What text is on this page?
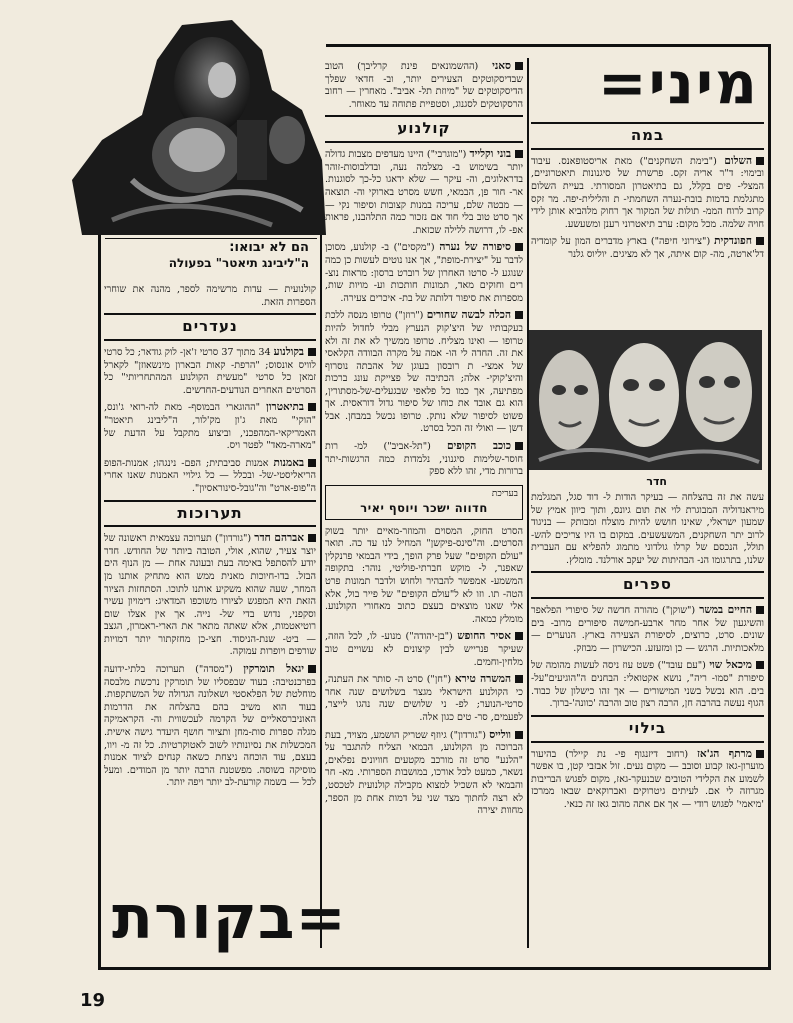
מיני=
=בקורת
19
הם לא יבואו:
ה"ליבינג תיאטר" בפעולה
חדר
במה

השלום ("בימת השחקנים") מאת אריסטופאנס. עיבוד ובימוי: ד"ר אריה זקס. פרשרת של סיגנונות תיאטרוניים, המצלי- פים בקלל, גם בתיאטרון המסורתי. בעיית השלום מתגלמת בדמות בובת-נערה השחמתי- ת והלילית-יפה. מר זקס קרוב לרוח הממ- תולות של המקור אך רחוק מלהביא אותן לידי חויה שלמה. מכל מקום: ערב תיאטרוני רענן ומשעשע.

חפונדקית ("צירוני חיפה") בארץ מדברים המון על קומדיה דל'ארטה, מה- קום איתה, אך לא מציגים. יוליוס גלנר

עשה את זה בהצלחה — בעיקר הודות ל- דוד סגל, המגלמת מיראנדוליה המבוגרת לוי את תום גיונס, ותוך כיוון אמיץ של שמעון ישראלי, שאינו חושש להיות מוצלח ומבותק — בניגוד לרוב יתר השחקנים, המשעשעים. במקום בו היו צריכים להש- תולל, הנכסם של קרלו גולדוני מתמוג להפליא עם העברית שלנו, בתרגומו הנ- הבהיתות של יעקב אורלנד. מומלץ.

ספרים

החיים במשר ("שוקן") מהורה חדשה של סיפורי הפלאפר והשיגעון של אחר מחר ארבע-חמישה סיפורים מרוב- בים שונים. סרט, כרוצים, לסיפורת הצעירה בארץ. הנוערים — מלאכותיות. הרגש — כן ומזעזע. הכישרון — מבוזק.

מיכאל שוי ("עם עובד") פשט עוז ניסה לעשות מהומה של סיפורת "סמו- ריה", נושא אקטואלי: הבחנים ה"הוגיעים"על- בים. הוא נכשל בשני המישורים — אך זהו כישלון של כבוד. הגוף נעשה בהרבה חן, הרבה רצון טוב והרבה 'כוונה'-ברוך.

בילוי

מרתף הג'אז (רחוב דיזנגוף פי- נת קיילר) בהיעור מוערון-גאז קבוע וסובב — מקום נעים. זול אבזבי קטן, בו אפשר לשמוע את הקלידי הטובים שבנעקר-גאז, מקום לפגוש הבריבות מגרוזה לי אם. לעיתים גיטרוקים ואברוקאים שבאו ממרכז 'מיאמי' לפגוש רודי — אך אם אתה מהוב גאז זה כנאי.

סאני (ההשמונאים פינת קרליבך) הטוב שבדיסקוטקים הצעירים יותר, וב- חדאי שפלך הדיסקוטקים של "מיוזת תל- אביב". מאחרין — רחוב הרסקוטקים לסגנוג, וסטפיית פתוחה עד מאוחר.

קולנוע

בוני וקלייד ("מוגרבי") היינו מעדפים מצבות גדולה יותר בשימוש ב- מצלמה נעה, ובדלבוסות-זוהר בדראלוגים, וה- עיקר — שלא ידאגו כל-כך לסוגנות. אר- חור פן, הבמאי, חשש מסרט בארוקי וה- תוצאה — מבטה שלם, עריכה במנות קצובות וסיפור נקי — אך סרט טוב בלי חוד אם נזכור כמה התלהבנו, פראות אפ- לו, דרושה ללילה שכזאת.

סיפורה של נערה ("מקסים") ב- קולנוע, מסוכן לדבר על "יצירת-מופת", אך אנו נוטים לעשות כן כמה שנוגע ל- סרטו האחרון של רוברט ברסון: מראות נוצ- רים וחוקים מאד, תמונות חותכות וע- מויות שות, מספרות את סיפור דלותה של בת- איכרים צעירה.

הכלה לבשה שחורים ("רוזן") טרופו מנסה ללכת בעקבותיו של היצ'קוק הנערץ מבלי לחדול להיות טרופו — ואינו מצליח. טרופו ממשיך לא את זה ולא את זה. החדה לי הו- אמה על מקרה הבוודה הקלאסי של אמצי- ת רובסון בעוגן של אהבתה נוסרוף והיצ'קוקי- אלה; הכתיבה של פצייקת עונג ברכות מפתיעה, אך כמו כל פלאפי שבגעלים-של-מסתורין, הוא גם אובד את כוחו של סיפור גדול דוראסית. אך פשוט לסיפור שלא נותק. טרופו נכשל במבחן. אבל דשן — ואולי זה הכל בסרט.

כוכב הקופים ("תל-אביב") למ- רות חוסר-שלימות סיגנוני, נלמדות כמה הרגשות-יתר ברורות מדי, זהו ללא ספק

בעריכת
חדווה ישכר ויוסף יאיר

הסרט החזק, המסוים והמוזר-מאיים יותר בשוק הסרטים. וה"סינס-פיקשן" המחיל לנו עד כה. תואר "עולם הקופים" שעל פרק הופך, בידי הבמאי פרנקלין שאפנר, ל- מוקש חברתי-פוליטי, נוהר: בתקופה המשמע- אמפשר להבהיר ולחוש ולדבר תמונות פרט הטה- תו. וזו לא ל"עולם הקופים" של פייר בול, אלא אלי שאנו מוצאים בעצם כתוב מאחורי הקולנוע. מומלץ כמאה.

אסיר החופש ("בן-יהודה") מנוע- לו, לכל הוזה, שעיקר פנרייש לבין קיצונים לא עשויים טוב מלחין-וחמים.

המשרה טירא ("חן") סרט ה- סותר את העתנה, כי הקולנוע הישראלי מגצר בשלושים שנה אחר סרטי-הנוער; לפ- ני שלושים שנה נהגו לייצר, לפעמים, סר- טים כגון אלה.

וולייס ("גורדון") גיוזף שטריק הושמע, מצויד, בעת הברוכה מן הקולנוע, הבמאי הצליח להתגבר על "הלנע" סרט זה מורכב מקטעים חוויונים נפלאים, נשאר, כמעט לכל אורכו, במושבות הספרותי. מא- חר והבמאי לא השכיל למצוא מקבילה קולנועית לטכסט, לא רצה לחתוך מצד שני על דמות אחת מן הספר, מחוות יצירה

קולנועית — עדות מרשימה לספר, מהנה את שוחרי הספרות הזאת.

נעדרים

בקולנוע 34 מתוך 37 סרטי ז'אן- לוק גודאר; כל סרטי לוויס אונסוס; "הרפת- קאות הבארון מינשאוזן" לקארל זמאן כל סרטי "מעשית הקולנוע המהתחריותי" כל הסרטים האחרים הנודעים-החדשים.

בתיאטרון "ההוגארי הבמוסף- מאת לה-רואי ג'ונס, "הוקי" מאת ג'ון מק'לור, ה"ליבינג תיאטר" האמריקאי-המהפכני, וביצוע מתקבל על הדעת של "מארה-מאד" לפטר ויס.

באמנות אמנות סביבתית; הפם- נינגהו; אמנות-הפופ הריאליסטי-של- ובכלל — כל גילויי האמנות שאנו אחרי ה"פופ-ארט" וה"גובל-סינוראסיון".

תערוכות

אברהם חדר ("גורדון") תערוכה עצמאית ראשונה של יוצר צעיר, שהוא, אולי, הטובה ביותר של החודש. חדר יודע להסתפל באימה בעת ובעונה אחת — מן הנוף הים הבזל. בדו-חיוכות מאנית ממש הוא מתחיק אותנו מן המחר, שעה שהוא משקיע אותנו לתוכו. הסתחזות הציור הזאת היא המפגש לציורו משוכפו המדאיג: דימויון עשיר וסקפני, נדוש בדי של- נייה. אך אין אצלו שום רוטיאטמות, אלא שאתה מתאר את הארי-ראמרון, הגצב — ביט- שנת-הניסוד. חצי-כן מחזקתור יותר דמויות שורפים ויופרות עמוקה.

יגאל תומרקין ("מסדה") תערוכה בלתי-ידועה בפרכנטיבה: בעוד שבפסליו של תומרקין נרכשת מלבסה מוחלטת של הפלאסטי ושאלונה הגדולה של המשתקפות. בעוד הוא משיב בהם בהצלחה את הדרמות האוניברסאליים של הקדמה לעכשווית וה- הקראמיקה מגלה ספרות סות-מחן ותציור חושף היעדר גישה אישית. המכשלות את נסיונותיו לשוב לאטוקרטיות. כל זה מ- ויוו, בעצם, עוד הוכחה ניצחת כשאה קנחים לציוד אמנות מוסיקה בשוסה. מפשטנת הרבה יותר מן המודים. ומעל לכל — בשמה קורעת-לב יותר ויפה יותר.
